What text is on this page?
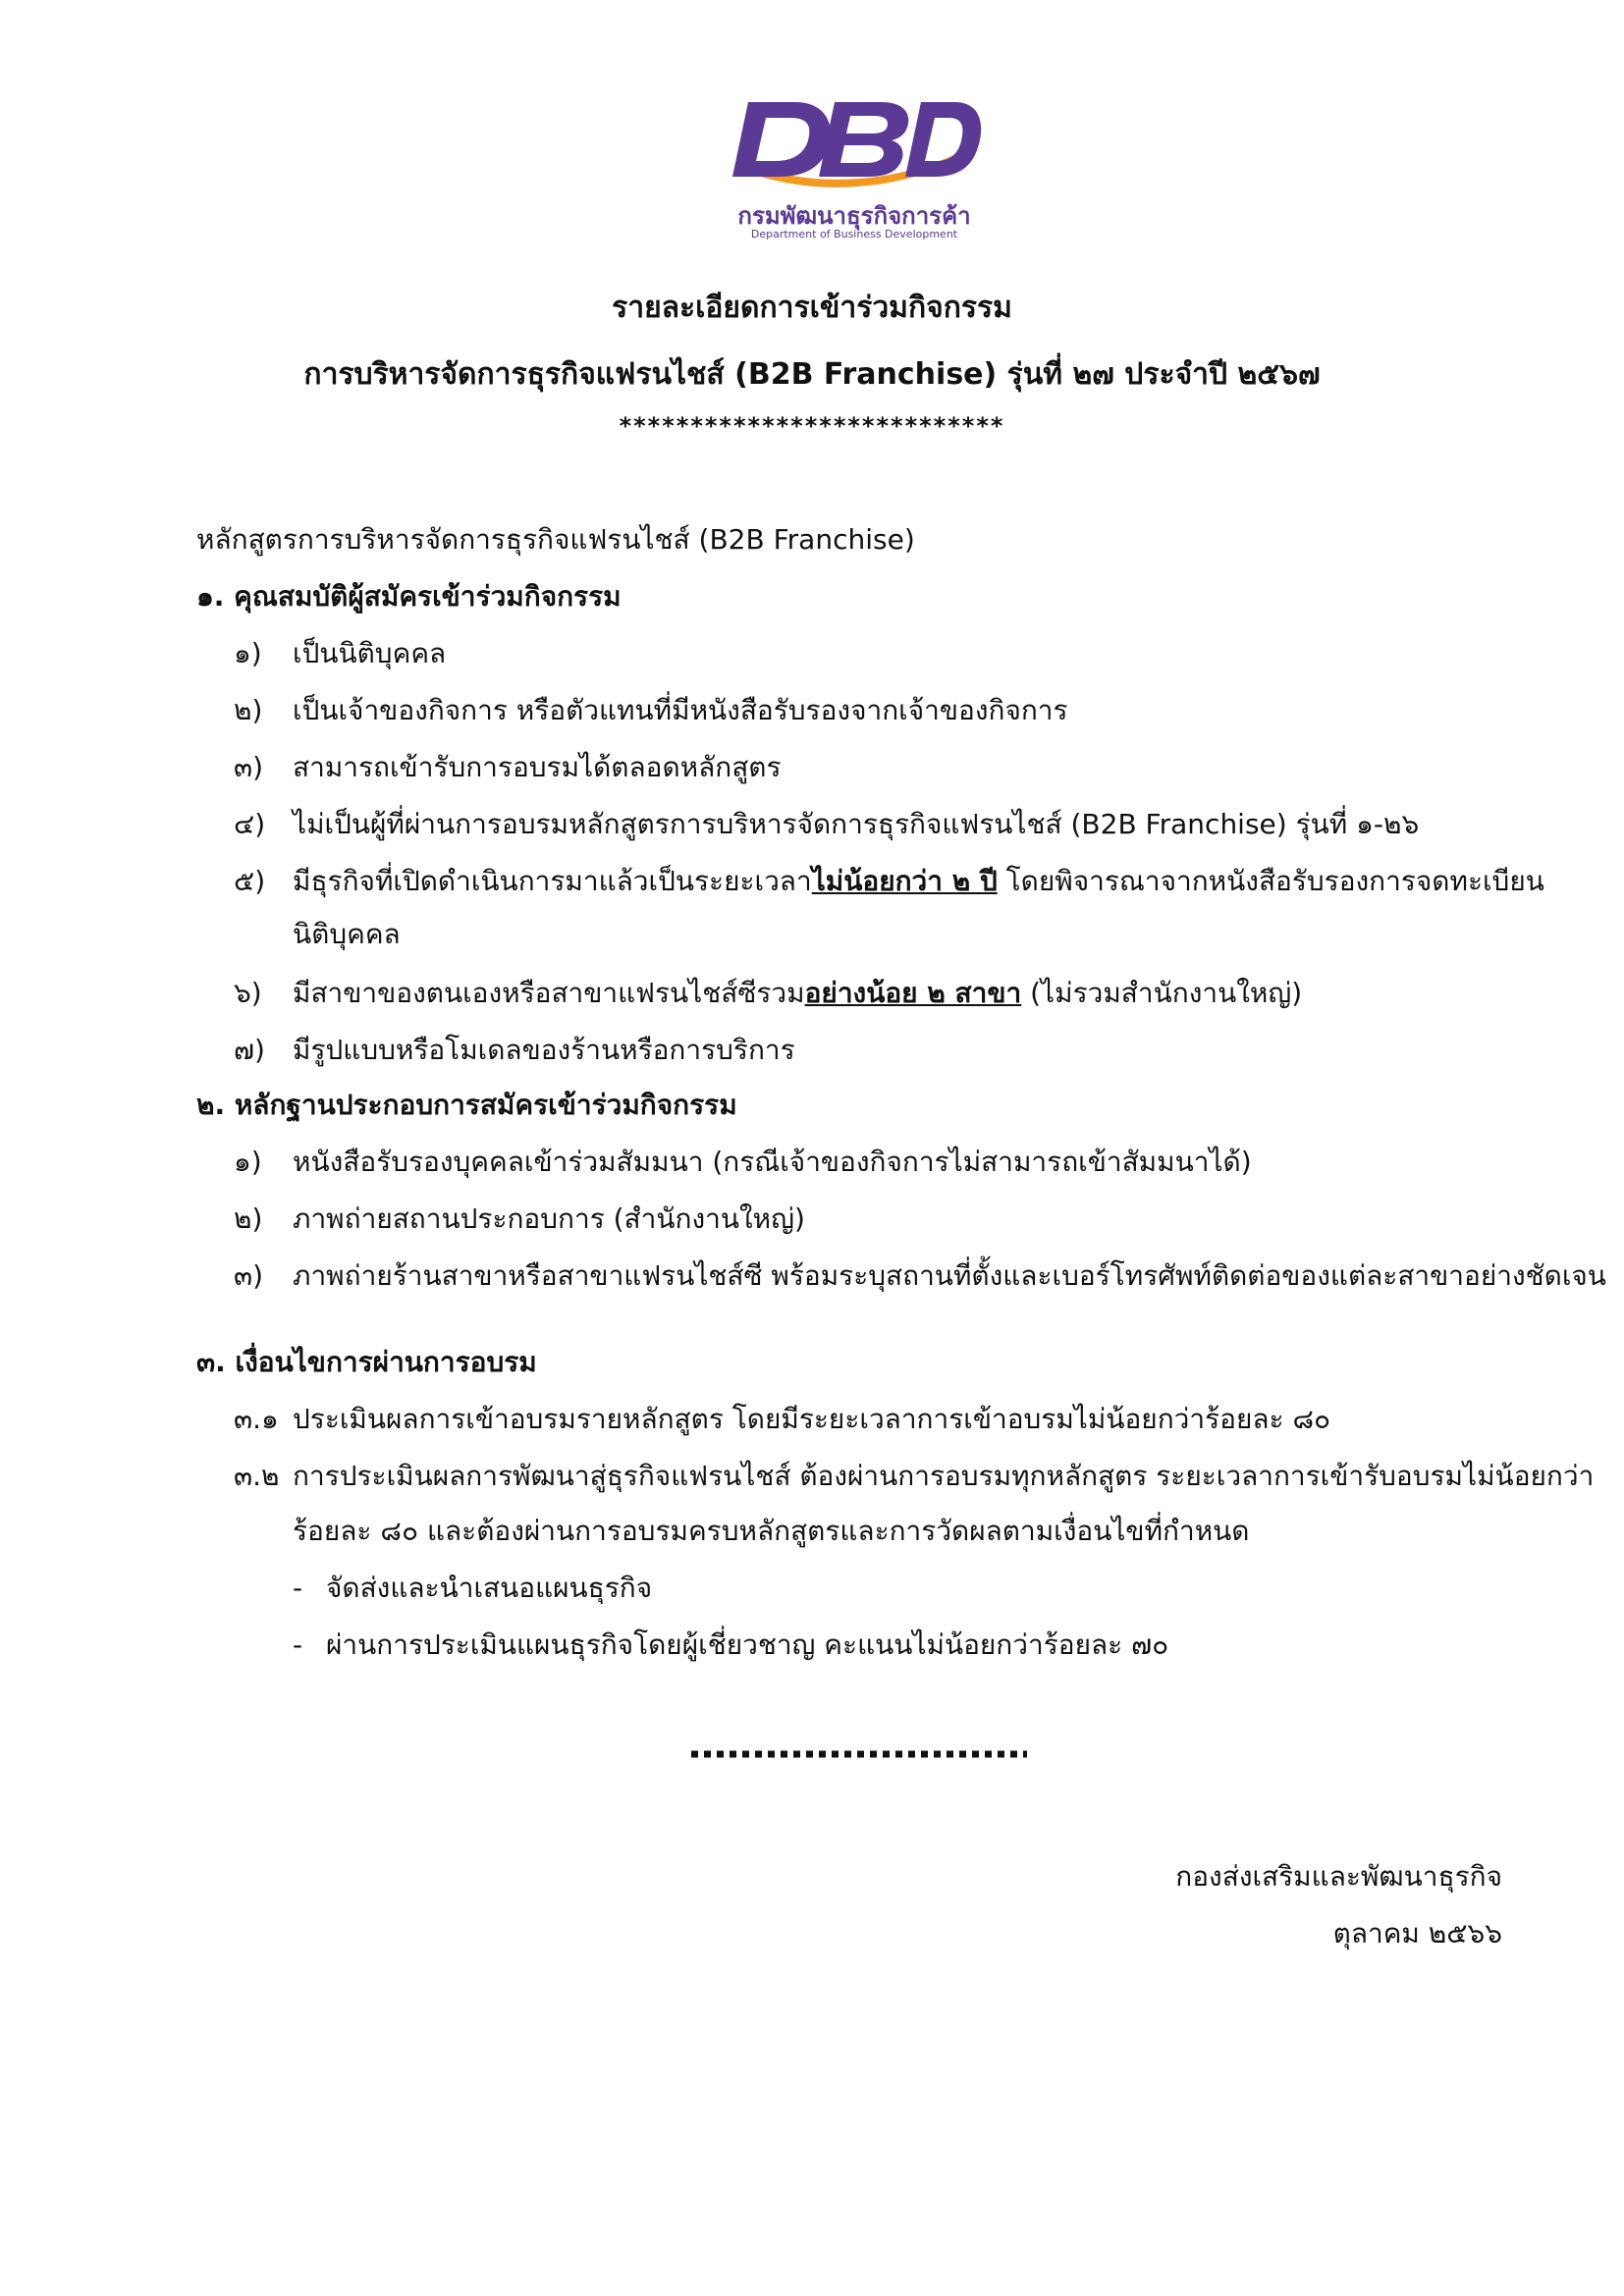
กรมพัฒนาธุรกิจการค้า
Department of Business Development
รายละเอียดการเข้าร่วมกิจกรรม
การบริหารจัดการธุรกิจแฟรนไชส์ (B2B Franchise) รุ่นที่ ๒๗ ประจำปี ๒๕๖๗
***************************
หลักสูตรการบริหารจัดการธุรกิจแฟรนไชส์ (B2B Franchise)
๑. คุณสมบัติผู้สมัครเข้าร่วมกิจกรรม
๑) เป็นนิติบุคคล
๒) เป็นเจ้าของกิจการ หรือตัวแทนที่มีหนังสือรับรองจากเจ้าของกิจการ
๓) สามารถเข้ารับการอบรมได้ตลอดหลักสูตร
๔) ไม่เป็นผู้ที่ผ่านการอบรมหลักสูตรการบริหารจัดการธุรกิจแฟรนไชส์ (B2B Franchise) รุ่นที่ ๑-๒๖
๕) มีธุรกิจที่เปิดดำเนินการมาแล้วเป็นระยะเวลาไม่น้อยกว่า ๒ ปี โดยพิจารณาจากหนังสือรับรองการจดทะเบียน
นิติบุคคล
๖) มีสาขาของตนเองหรือสาขาแฟรนไชส์ซีรวมอย่างน้อย ๒ สาขา (ไม่รวมสำนักงานใหญ่)
๗) มีรูปแบบหรือโมเดลของร้านหรือการบริการ
๒. หลักฐานประกอบการสมัครเข้าร่วมกิจกรรม
๑) หนังสือรับรองบุคคลเข้าร่วมสัมมนา (กรณีเจ้าของกิจการไม่สามารถเข้าสัมมนาได้)
๒) ภาพถ่ายสถานประกอบการ (สำนักงานใหญ่)
๓) ภาพถ่ายร้านสาขาหรือสาขาแฟรนไชส์ซี พร้อมระบุสถานที่ตั้งและเบอร์โทรศัพท์ติดต่อของแต่ละสาขาอย่างชัดเจน
๓. เงื่อนไขการผ่านการอบรม
๓.๑ ประเมินผลการเข้าอบรมรายหลักสูตร โดยมีระยะเวลาการเข้าอบรมไม่น้อยกว่าร้อยละ ๘๐
๓.๒ การประเมินผลการพัฒนาสู่ธุรกิจแฟรนไชส์ ต้องผ่านการอบรมทุกหลักสูตร ระยะเวลาการเข้ารับอบรมไม่น้อยกว่า
ร้อยละ ๘๐ และต้องผ่านการอบรมครบหลักสูตรและการวัดผลตามเงื่อนไขที่กำหนด
- จัดส่งและนำเสนอแผนธุรกิจ
- ผ่านการประเมินแผนธุรกิจโดยผู้เชี่ยวชาญ คะแนนไม่น้อยกว่าร้อยละ ๗๐
กองส่งเสริมและพัฒนาธุรกิจ
ตุลาคม ๒๕๖๖
